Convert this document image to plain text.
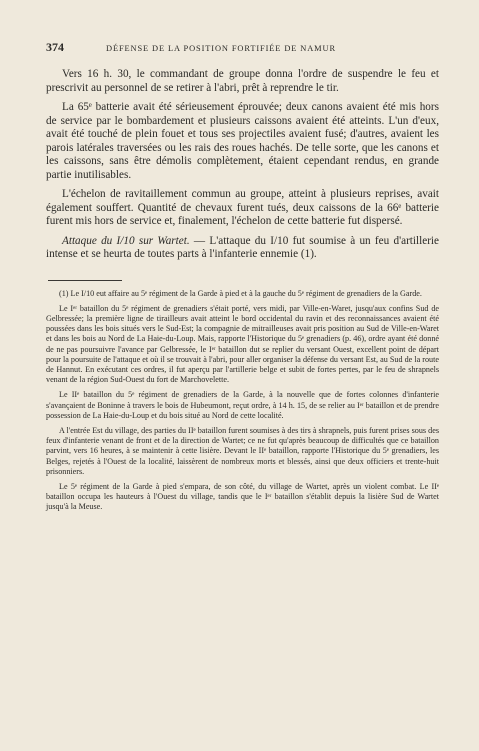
374	DÉFENSE DE LA POSITION FORTIFIÉE DE NAMUR

Vers 16 h. 30, le commandant de groupe donna l'ordre de suspendre le feu et prescrivit au personnel de se retirer à l'abri, prêt à reprendre le tir.

La 65ᵉ batterie avait été sérieusement éprouvée; deux canons avaient été mis hors de service par le bombardement et plusieurs caissons avaient été atteints. L'un d'eux, avait été touché de plein fouet et tous ses projectiles avaient fusé; d'autres, avaient les parois latérales traversées ou les rais des roues hachés. De telle sorte, que les canons et les caissons, sans être démolis complètement, étaient cependant rendus, en grande partie inutilisables.

L'échelon de ravitaillement commun au groupe, atteint à plusieurs reprises, avait également souffert. Quantité de chevaux furent tués, deux caissons de la 66ᵉ batterie furent mis hors de service et, finalement, l'échelon de cette batterie fut dispersé.

Attaque du I/10 sur Wartet. — L'attaque du I/10 fut soumise à un feu d'artillerie intense et se heurta de toutes parts à l'infanterie ennemie (1).

(1) Le I/10 eut affaire au 5ᵉ régiment de la Garde à pied et à la gauche du 5ᵉ régiment de grenadiers de la Garde.

Le Iᵉʳ bataillon du 5ᵉ régiment de grenadiers s'était porté, vers midi, par Ville-en-Waret, jusqu'aux confins Sud de Gelbressée; la première ligne de tirailleurs avait atteint le bord occidental du ravin et des reconnaissances avaient été poussées dans les bois situés vers le Sud-Est; la compagnie de mitrailleuses avait pris position au Sud de Ville-en-Waret et dans les bois au Nord de La Haie-du-Loup. Mais, rapporte l'Historique du 5ᵉ grenadiers (p. 46), ordre ayant été donné de ne pas poursuivre l'avance par Gelbressée, le Iᵉʳ bataillon dut se replier du versant Ouest, excellent point de départ pour la poursuite de l'attaque et où il se trouvait à l'abri, pour aller organiser la défense du versant Est, au Sud de la route de Hannut. En exécutant ces ordres, il fut aperçu par l'artillerie belge et subit de fortes pertes, par le feu de shrapnels venant de la région Sud-Ouest du fort de Marchovelette.

Le IIᵉ bataillon du 5ᵉ régiment de grenadiers de la Garde, à la nouvelle que de fortes colonnes d'infanterie s'avançaient de Boninne à travers le bois de Hubeumont, reçut ordre, à 14 h. 15, de se relier au Iᵉʳ bataillon et de prendre possession de La Haie-du-Loup et du bois situé au Nord de cette localité.

A l'entrée Est du village, des parties du IIᵉ bataillon furent soumises à des tirs à shrapnels, puis furent prises sous des feux d'infanterie venant de front et de la direction de Wartet; ce ne fut qu'après beaucoup de difficultés que ce bataillon parvint, vers 16 heures, à se maintenir à cette lisière. Devant le IIᵉ bataillon, rapporte l'Historique du 5ᵉ grenadiers, les Belges, rejetés à l'Ouest de la localité, laissèrent de nombreux morts et blessés, ainsi que deux officiers et trente-huit prisonniers.

Le 5ᵉ régiment de la Garde à pied s'empara, de son côté, du village de Wartet, après un violent combat. Le IIᵉ bataillon occupa les hauteurs à l'Ouest du village, tandis que le Iᵉʳ bataillon s'établit depuis la lisière Sud de Wartet jusqu'à la Meuse.
